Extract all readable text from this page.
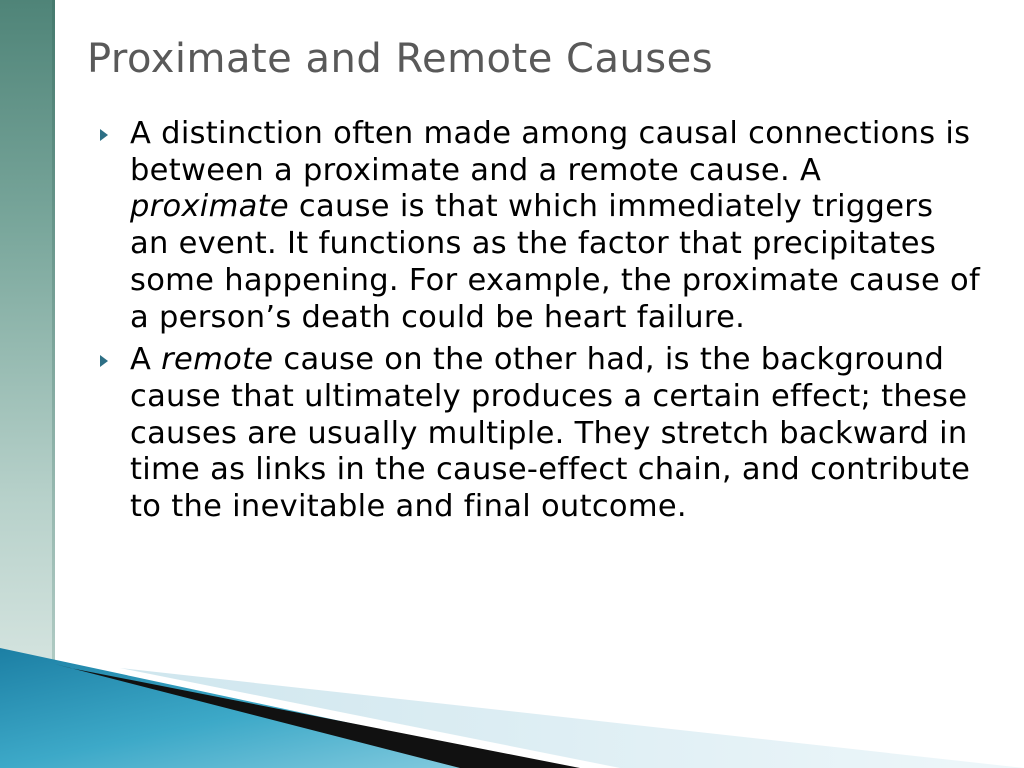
Proximate and Remote Causes
A distinction often made among causal connections is between a proximate and a remote cause. A proximate cause is that which immediately triggers an event. It functions as the factor that precipitates some happening. For example, the proximate cause of a person’s death could be heart failure.
A remote cause on the other had, is the background cause that ultimately produces a certain effect; these causes are usually multiple. They stretch backward in time as links in the cause-effect chain, and contribute to the inevitable and final outcome.
